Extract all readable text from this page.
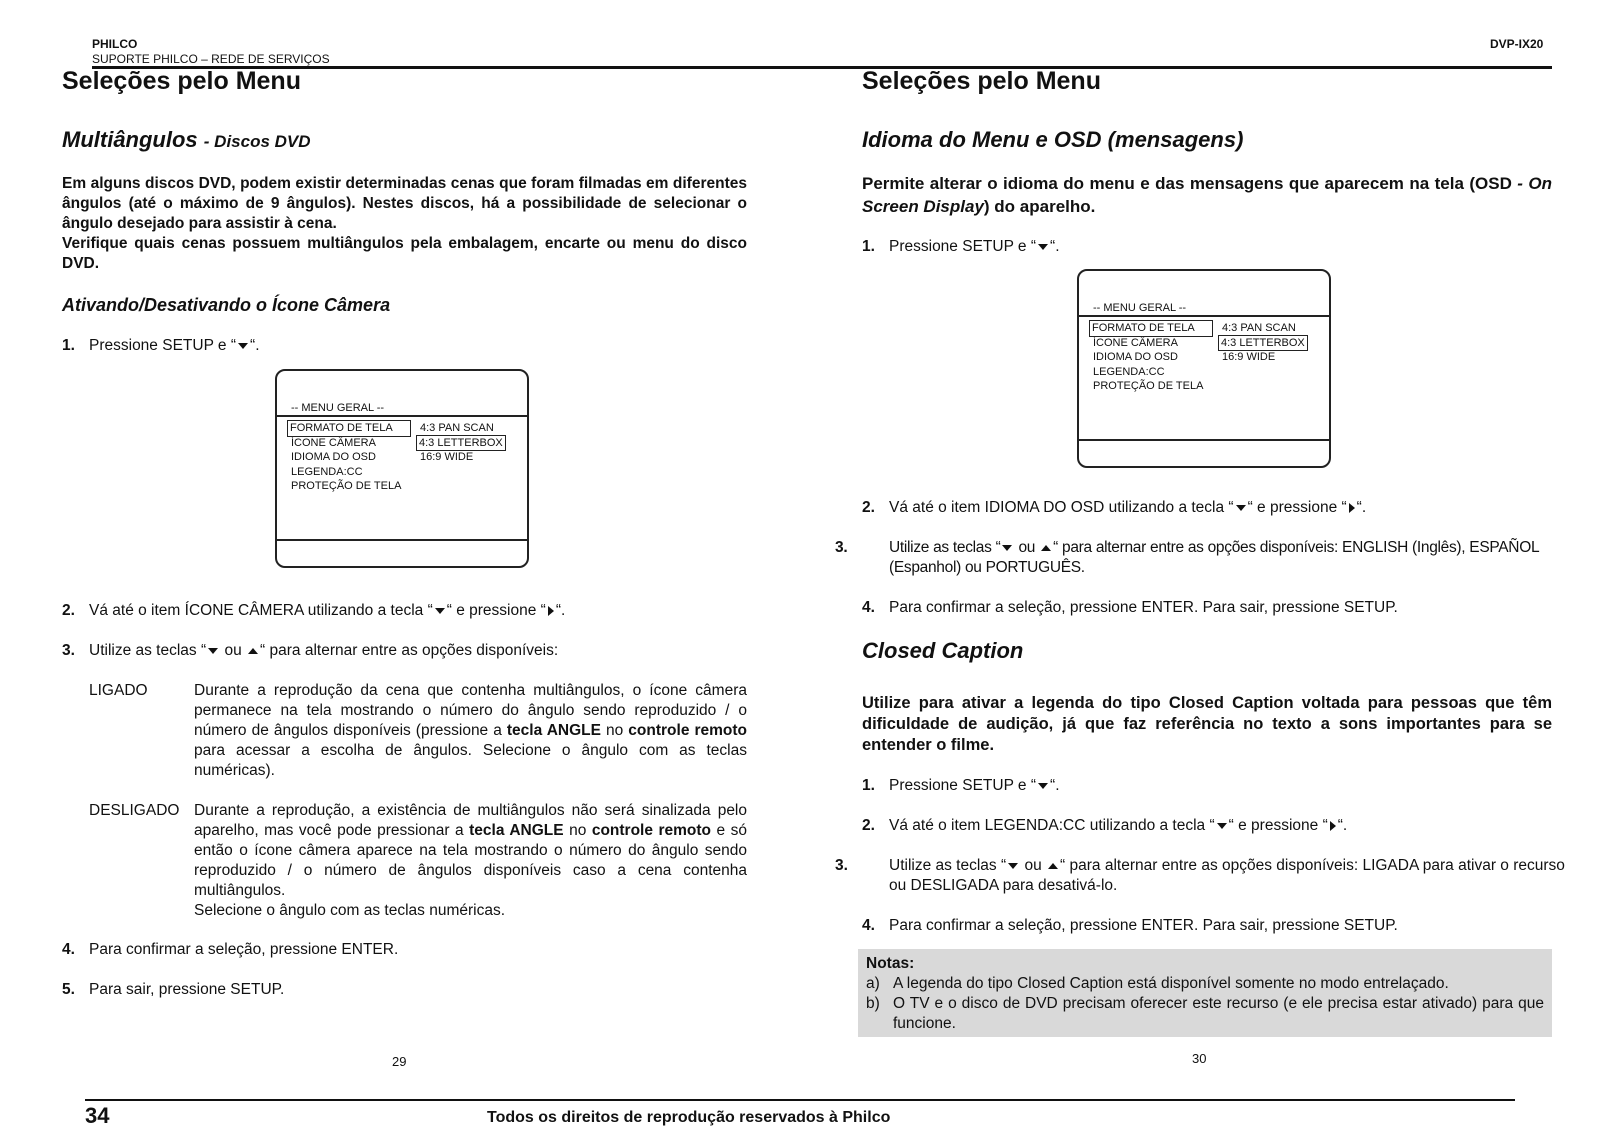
PHILCO
SUPORTE PHILCO – REDE DE SERVIÇOS
DVP-IX20
Seleções pelo Menu
Multiângulos - Discos DVD
Em alguns discos DVD, podem existir determinadas cenas que foram filmadas em diferentes ângulos (até o máximo de 9 ângulos). Nestes discos, há a possibilidade de selecionar o ângulo desejado para assistir à cena.
Verifique quais cenas possuem multiângulos pela embalagem, encarte ou menu do disco DVD.
Ativando/Desativando o Ícone Câmera
1. Pressione SETUP e “ “.
2. Vá até o item ÍCONE CÂMERA utilizando a tecla “ “ e pressione “ “.
3. Utilize as teclas “ ou “ para alternar entre as opções disponíveis:
LIGADO	Durante a reprodução da cena que contenha multiângulos, o ícone câmera permanece na tela mostrando o número do ângulo sendo reproduzido / o número de ângulos disponíveis (pressione a tecla ANGLE no controle remoto para acessar a escolha de ângulos. Selecione o ângulo com as teclas numéricas).
DESLIGADO Durante a reprodução, a existência de multiângulos não será sinalizada pelo aparelho, mas você pode pressionar a tecla ANGLE no controle remoto e só então o ícone câmera aparece na tela mostrando o número do ângulo sendo reproduzido / o número de ângulos disponíveis caso a cena contenha multiângulos.
Selecione o ângulo com as teclas numéricas.
4. Para confirmar a seleção, pressione ENTER.
5. Para sair, pressione SETUP.
29
-- MENU GERAL --
FORMATO DE TELA
ÍCONE CÂMERA
IDIOMA DO OSD
LEGENDA:CC
PROTEÇÃO DE TELA
4:3 PAN SCAN
4:3 LETTERBOX
16:9 WIDE
Seleções pelo Menu
Idioma do Menu e OSD (mensagens)
Permite alterar o idioma do menu e das mensagens que aparecem na tela (OSD - On Screen Display) do aparelho.
1. Pressione SETUP e “ “.
2. Vá até o item IDIOMA DO OSD utilizando a tecla “ “ e pressione “ “.
3.	Utilize as teclas “ ou “ para alternar entre as opções disponíveis: ENGLISH (Inglês), ESPAÑOL (Espanhol) ou PORTUGUÊS.
4. Para confirmar a seleção, pressione ENTER. Para sair, pressione SETUP.
Closed Caption
Utilize para ativar a legenda do tipo Closed Caption voltada para pessoas que têm dificuldade de audição, já que faz referência no texto a sons importantes para se entender o filme.
1. Pressione SETUP e “ “.
2. Vá até o item LEGENDA:CC utilizando a tecla “ “ e pressione “ “.
3.	Utilize as teclas “ ou “ para alternar entre as opções disponíveis: LIGADA para ativar o recurso ou DESLIGADA para desativá-lo.
4. Para confirmar a seleção, pressione ENTER. Para sair, pressione SETUP.
30
-- MENU GERAL --
FORMATO DE TELA
ÍCONE CÂMERA
IDIOMA DO OSD
LEGENDA:CC
PROTEÇÃO DE TELA
4:3 PAN SCAN
4:3 LETTERBOX
16:9 WIDE
Notas:
a) A legenda do tipo Closed Caption está disponível somente no modo entrelaçado.
b) O TV e o disco de DVD precisam oferecer este recurso (e ele precisa estar ativado) para que funcione.
34	Todos os direitos de reprodução reservados à Philco
